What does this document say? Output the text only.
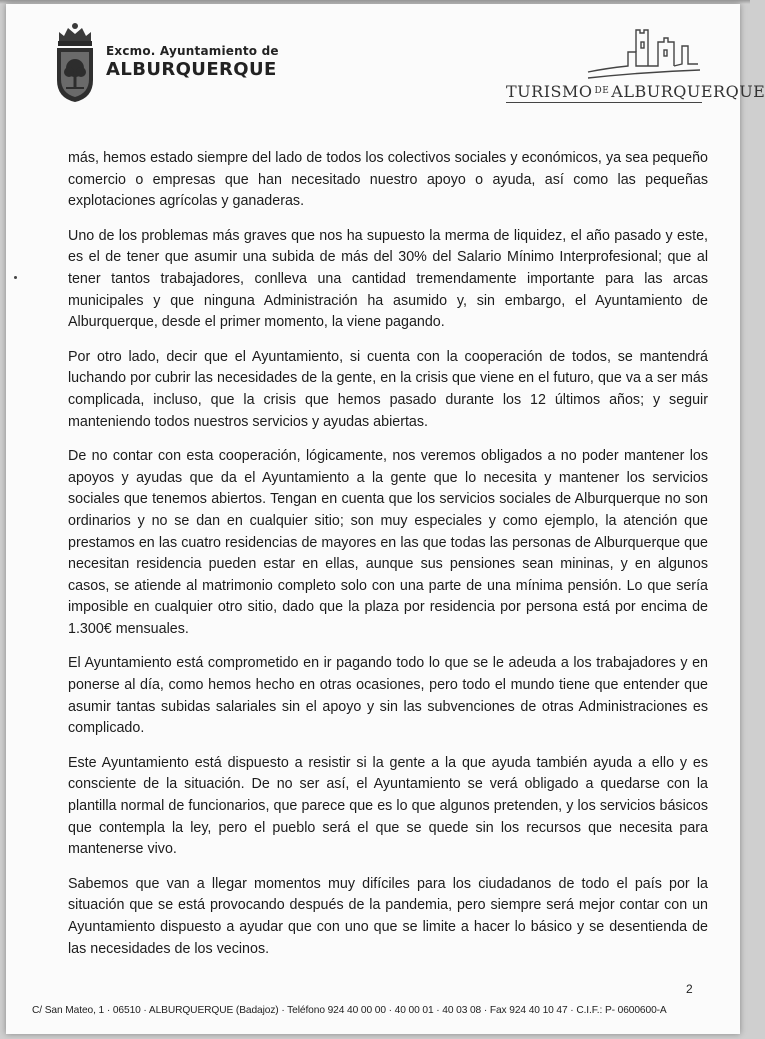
Excmo. Ayuntamiento de
ALBURQUERQUE
TURISMO $^{DE}$ ALBURQUERQUE

más, hemos estado siempre del lado de todos los colectivos sociales y económicos, ya sea pequeño comercio o empresas que han necesitado nuestro apoyo o ayuda, así como las pequeñas explotaciones agrícolas y ganaderas.

Uno de los problemas más graves que nos ha supuesto la merma de liquidez, el año pasado y este, es el de tener que asumir una subida de más del 30% del Salario Mínimo Interprofesional; que al tener tantos trabajadores, conlleva una cantidad tremendamente importante para las arcas municipales y que ninguna Administración ha asumido y, sin embargo, el Ayuntamiento de Alburquerque, desde el primer momento, la viene pagando.

Por otro lado, decir que el Ayuntamiento, si cuenta con la cooperación de todos, se mantendrá luchando por cubrir las necesidades de la gente, en la crisis que viene en el futuro, que va a ser más complicada, incluso, que la crisis que hemos pasado durante los 12 últimos años; y seguir manteniendo todos nuestros servicios y ayudas abiertas.

De no contar con esta cooperación, lógicamente, nos veremos obligados a no poder mantener los apoyos y ayudas que da el Ayuntamiento a la gente que lo necesita y mantener los servicios sociales que tenemos abiertos. Tengan en cuenta que los servicios sociales de Alburquerque no son ordinarios y no se dan en cualquier sitio; son muy especiales y como ejemplo, la atención que prestamos en las cuatro residencias de mayores en las que todas las personas de Alburquerque que necesitan residencia pueden estar en ellas, aunque sus pensiones sean mininas, y en algunos casos, se atiende al matrimonio completo solo con una parte de una mínima pensión. Lo que sería imposible en cualquier otro sitio, dado que la plaza por residencia por persona está por encima de 1.300€ mensuales.

El Ayuntamiento está comprometido en ir pagando todo lo que se le adeuda a los trabajadores y en ponerse al día, como hemos hecho en otras ocasiones, pero todo el mundo tiene que entender que asumir tantas subidas salariales sin el apoyo y sin las subvenciones de otras Administraciones es complicado.

Este Ayuntamiento está dispuesto a resistir si la gente a la que ayuda también ayuda a ello y es consciente de la situación. De no ser así, el Ayuntamiento se verá obligado a quedarse con la plantilla normal de funcionarios, que parece que es lo que algunos pretenden, y los servicios básicos que contempla la ley, pero el pueblo será el que se quede sin los recursos que necesita para mantenerse vivo.

Sabemos que van a llegar momentos muy difíciles para los ciudadanos de todo el país por la situación que se está provocando después de la pandemia, pero siempre será mejor contar con un Ayuntamiento dispuesto a ayudar que con uno que se limite a hacer lo básico y se desentienda de las necesidades de los vecinos.

2
C/ San Mateo, 1 · 06510 · ALBURQUERQUE (Badajoz) · Teléfono 924 40 00 00 · 40 00 01 · 40 03 08 · Fax 924 40 10 47 · C.I.F.: P- 0600600-A
